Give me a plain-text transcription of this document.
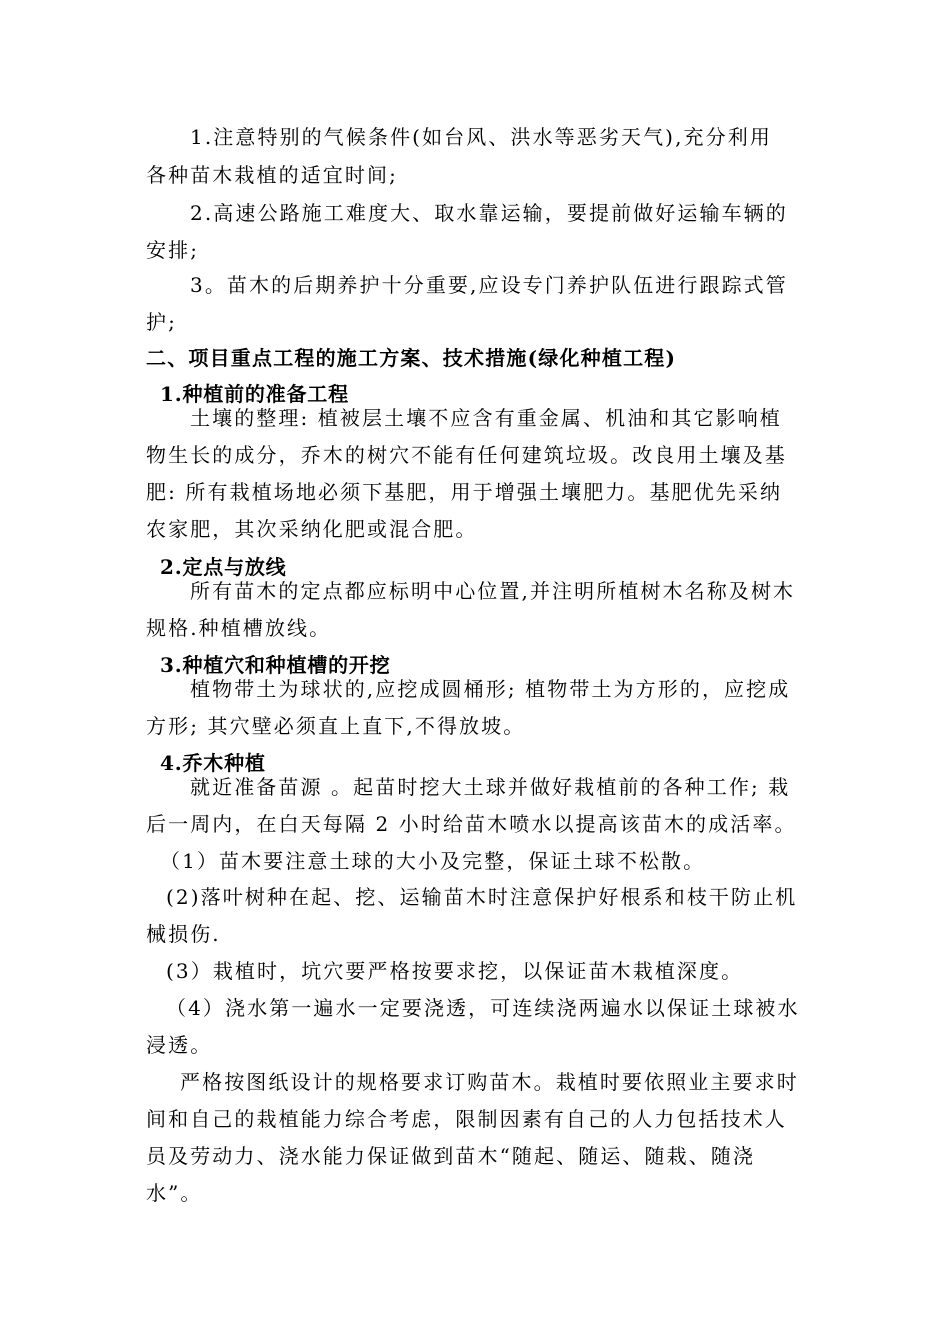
1.注意特别的气候条件(如台风、洪水等恶劣天气),充分利用
各种苗木栽植的适宜时间;
2.高速公路施工难度大、取水靠运输，要提前做好运输车辆的
安排;
3。苗木的后期养护十分重要,应设专门养护队伍进行跟踪式管
护;
二、项目重点工程的施工方案、技术措施(绿化种植工程)
1.种植前的准备工程
土壤的整理: 植被层土壤不应含有重金属、机油和其它影响植
物生长的成分，乔木的树穴不能有任何建筑垃圾。改良用土壤及基
肥: 所有栽植场地必须下基肥，用于增强土壤肥力。基肥优先采纳
农家肥，其次采纳化肥或混合肥。
2.定点与放线
所有苗木的定点都应标明中心位置,并注明所植树木名称及树木
规格.种植槽放线。
3.种植穴和种植槽的开挖
植物带土为球状的,应挖成圆桶形; 植物带土为方形的，应挖成
方形; 其穴壁必须直上直下,不得放坡。
4.乔木种植
就近准备苗源 。起苗时挖大土球并做好栽植前的各种工作; 栽
后一周内，在白天每隔 2 小时给苗木喷水以提高该苗木的成活率。
（1）苗木要注意土球的大小及完整，保证土球不松散。
(2)落叶树种在起、挖、运输苗木时注意保护好根系和枝干防止机
械损伤.
(3）栽植时，坑穴要严格按要求挖，以保证苗木栽植深度。
（4）浇水第一遍水一定要浇透，可连续浇两遍水以保证土球被水
浸透。
严格按图纸设计的规格要求订购苗木。栽植时要依照业主要求时
间和自己的栽植能力综合考虑，限制因素有自己的人力包括技术人
员及劳动力、浇水能力保证做到苗木“随起、随运、随栽、随浇
水”。
